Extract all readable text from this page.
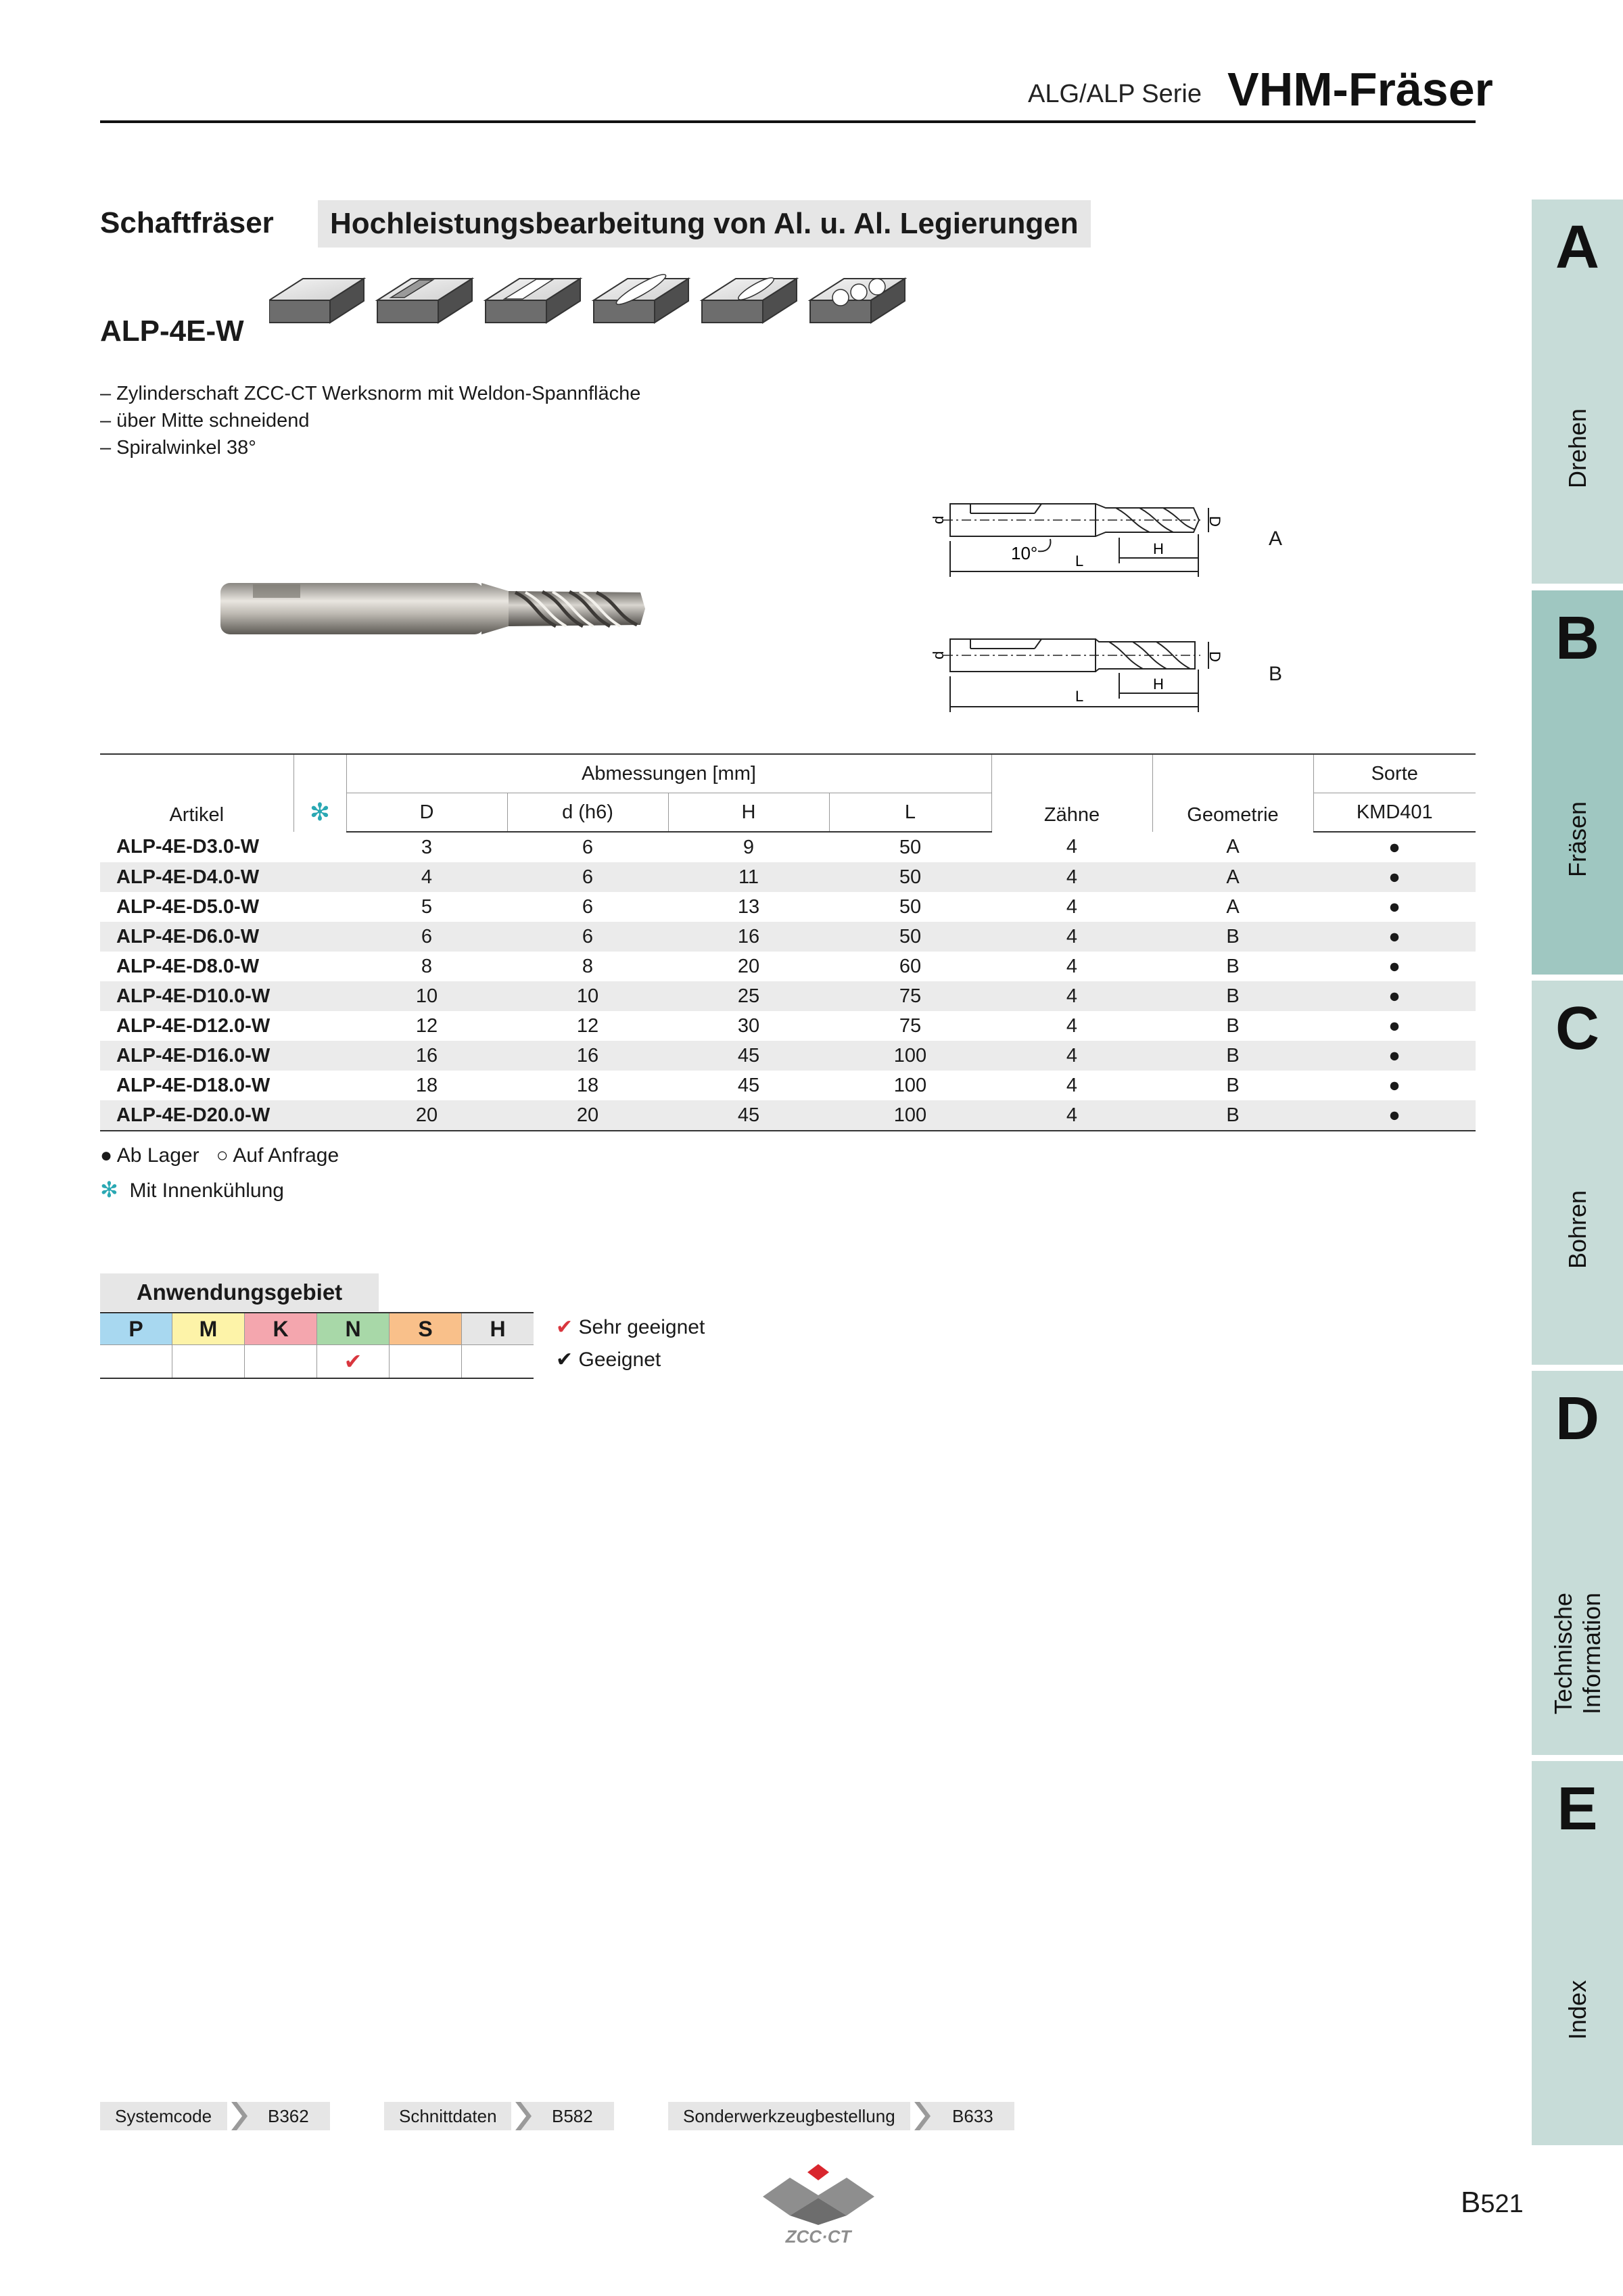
ALG/ALP Serie VHM-Fräser
Schaftfräser	Hochleistungsbearbeitung von Al. u. Al. Legierungen
ALP-4E-W
– Zylinderschaft ZCC-CT Werksnorm mit Weldon-Spannfläche
– über Mitte schneidend
– Spiralwinkel 38°
d	D
10°	L
H	A
d	D
L
H	B
Artikel	✻	Abmessungen [mm]				Zähne	Geometrie	Sorte
		D	d (h6)	H	L			KMD401
ALP-4E-D3.0-W		3	6	9	50	4	A	●
ALP-4E-D4.0-W		4	6	11	50	4	A	●
ALP-4E-D5.0-W		5	6	13	50	4	A	●
ALP-4E-D6.0-W		6	6	16	50	4	B	●
ALP-4E-D8.0-W		8	8	20	60	4	B	●
ALP-4E-D10.0-W		10	10	25	75	4	B	●
ALP-4E-D12.0-W		12	12	30	75	4	B	●
ALP-4E-D16.0-W		16	16	45	100	4	B	●
ALP-4E-D18.0-W		18	18	45	100	4	B	●
ALP-4E-D20.0-W		20	20	45	100	4	B	●
● Ab Lager ○ Auf Anfrage
✻ Mit Innenkühlung
Anwendungsgebiet
P	M	K	N	S	H
			✔		
✔ Sehr geeignet
✔ Geeignet
A
Drehen
B
Fräsen
C
Bohren
D
Technische
Information
E
Index
Systemcode	B362	Schnittdaten	B582	Sonderwerkzeugbestellung	B633
ZCC·CT
B521
